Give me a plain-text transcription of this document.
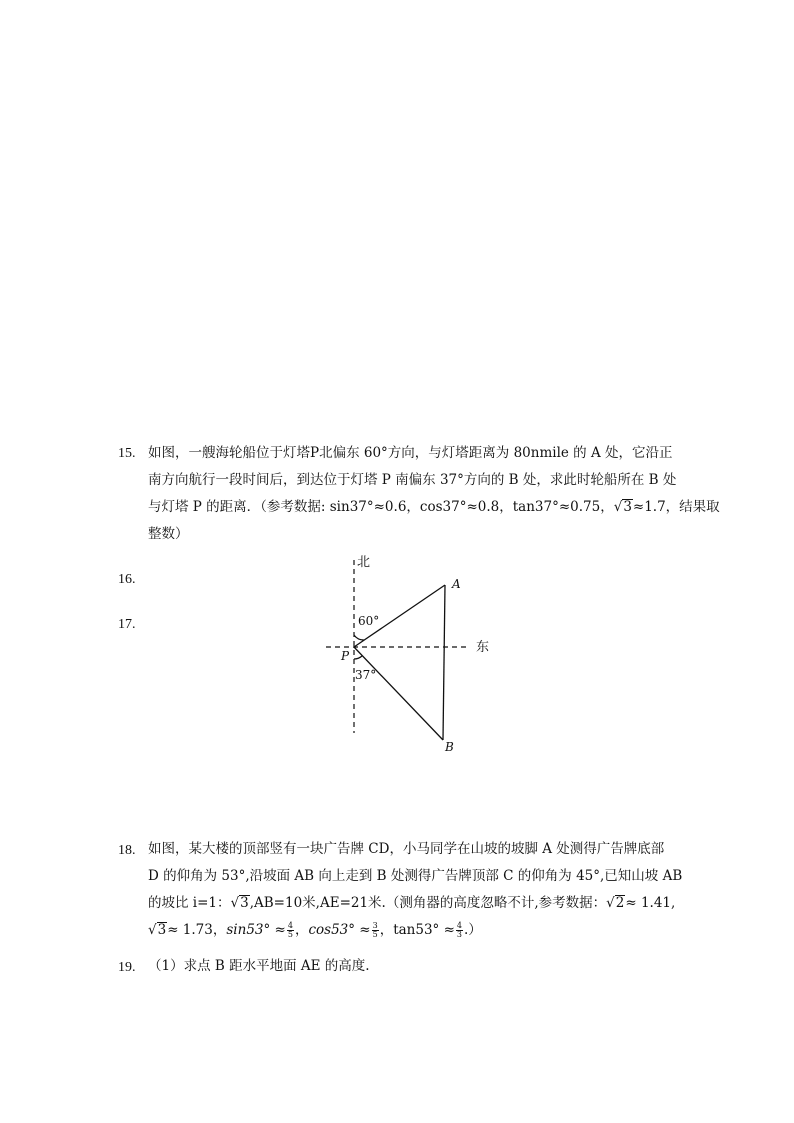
15. 如图，一艘海轮船位于灯塔P北偏东 60°方向，与灯塔距离为 80nmile 的 A 处，它沿正
南方向航行一段时间后，到达位于灯塔 P 南偏东 37°方向的 B 处，求此时轮船所在 B 处
与灯塔 P 的距离．（参考数据: sin37°≈0.6，cos37°≈0.8，tan37°≈0.75，√3≈1.7，结果取
整数）
16.
17.
北
东
60°
37°
P
A
B
18. 如图，某大楼的顶部竖有一块广告牌 CD，小马同学在山坡的坡脚 A 处测得广告牌底部
D 的仰角为 53°,沿坡面 AB 向上走到 B 处测得广告牌顶部 C 的仰角为 45°,已知山坡 AB
的坡比 i=1：√3,AB=10米,AE=21米.（测角器的高度忽略不计,参考数据：√2≈ 1.41,
√3≈ 1.73，$\sin 53^\circ \approx \frac{4}{5}$ ，$\cos 53^\circ \approx \frac{3}{5}$ ，$\tan 53^\circ \approx \frac{4}{3}$ .）
19. （1）求点 B 距水平地面 AE 的高度.
